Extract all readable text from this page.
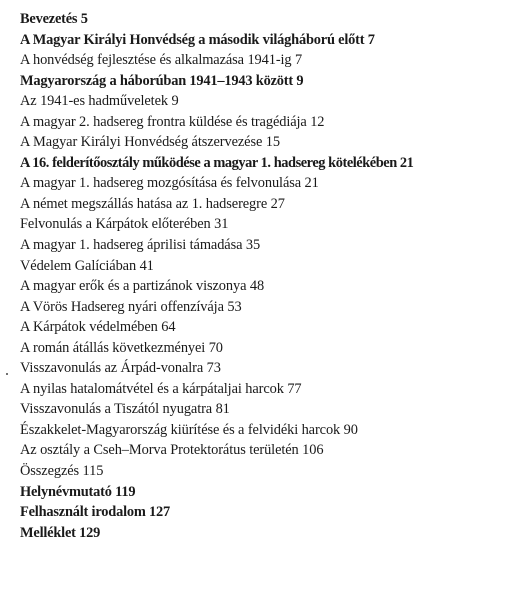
Bevezetés 5
A Magyar Királyi Honvédség a második világháború előtt 7
A honvédség fejlesztése és alkalmazása 1941-ig 7
Magyarország a háborúban 1941–1943 között 9
Az 1941-es hadműveletek 9
A magyar 2. hadsereg frontra küldése és tragédiája 12
A Magyar Királyi Honvédség átszervezése 15
A 16. felderítőosztály működése a magyar 1. hadsereg kötelékében 21
A magyar 1. hadsereg mozgósítása és felvonulása 21
A német megszállás hatása az 1. hadseregre 27
Felvonulás a Kárpátok előterében 31
A magyar 1. hadsereg áprilisi támadása 35
Védelem Galíciában 41
A magyar erők és a partizánok viszonya 48
A Vörös Hadsereg nyári offenzívája 53
A Kárpátok védelmében 64
A román átállás következményei 70
Visszavonulás az Árpád-vonalra 73
A nyilas hatalomátvétel és a kárpátaljai harcok 77
Visszavonulás a Tiszától nyugatra 81
Északkelet-Magyarország kiürítése és a felvidéki harcok 90
Az osztály a Cseh–Morva Protektorátus területén 106
Összegzés 115
Helynévmutató 119
Felhasznált irodalom 127
Melléklet 129
